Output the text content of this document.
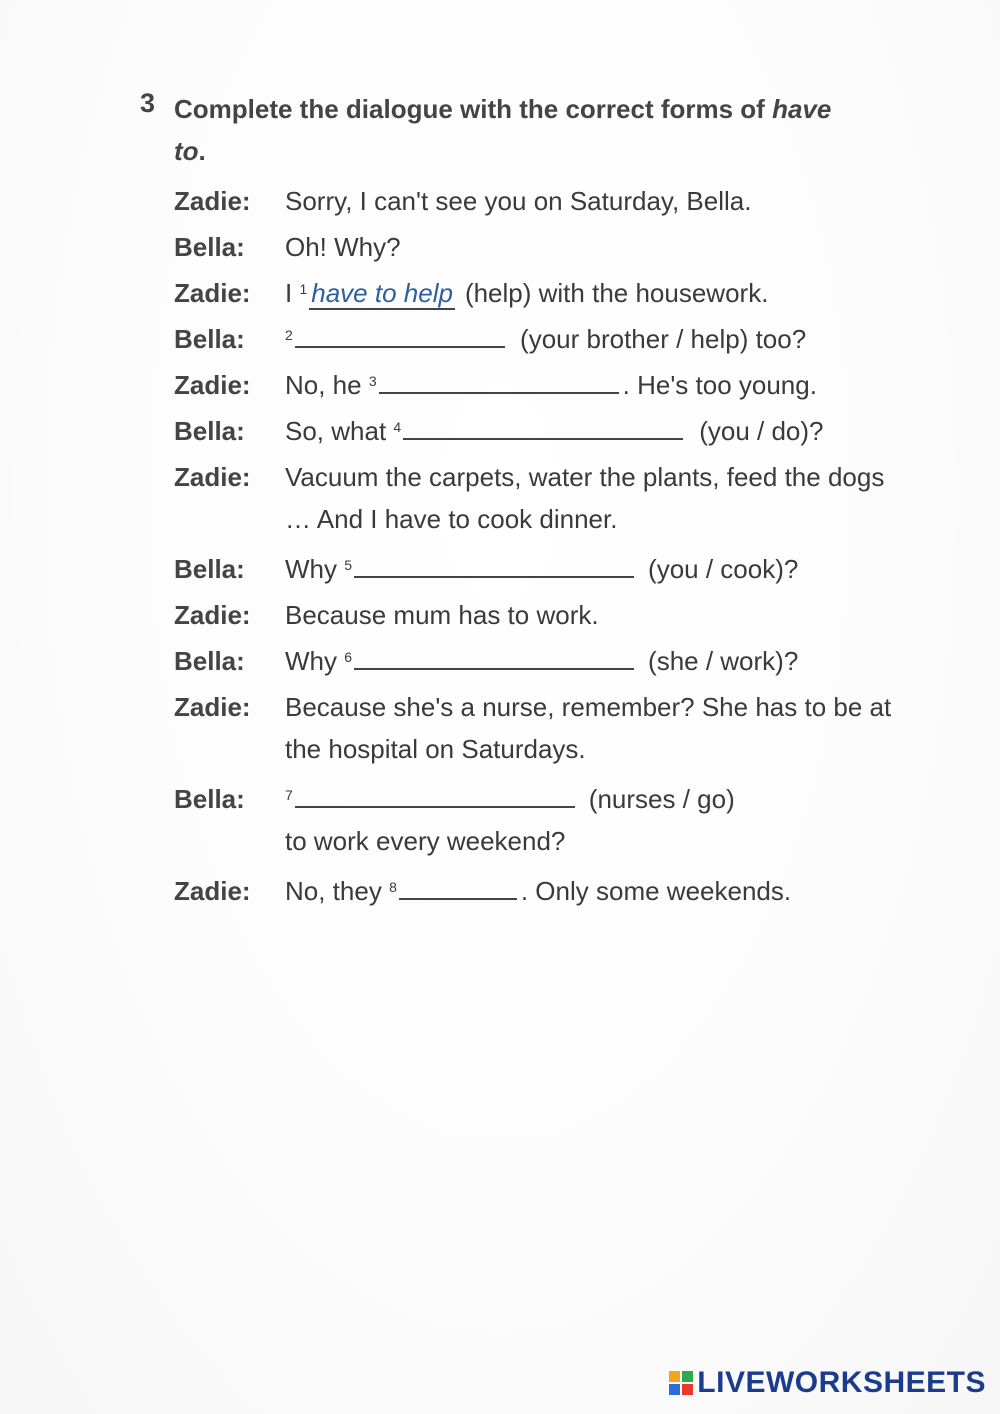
3 Complete the dialogue with the correct forms of have to.
Zadie: Sorry, I can't see you on Saturday, Bella.
Bella: Oh! Why?
Zadie: I $^1$ have to help (help) with the housework.
Bella:	$^2$	(your brother / help) too?
Zadie: No, he $^3$	. He's too young.
Bella: So, what $^4$	(you / do)?
Zadie: Vacuum the carpets, water the plants, feed the dogs … And I have to cook dinner.
Bella: Why $^5$	(you / cook)?
Zadie: Because mum has to work.
Bella: Why $^6$	(she / work)?
Zadie: Because she's a nurse, remember? She has to be at the hospital on Saturdays.
Bella:	$^7$	(nurses / go)
to work every weekend?
Zadie: No, they $^8$	. Only some weekends.
LIVEWORKSHEETS
